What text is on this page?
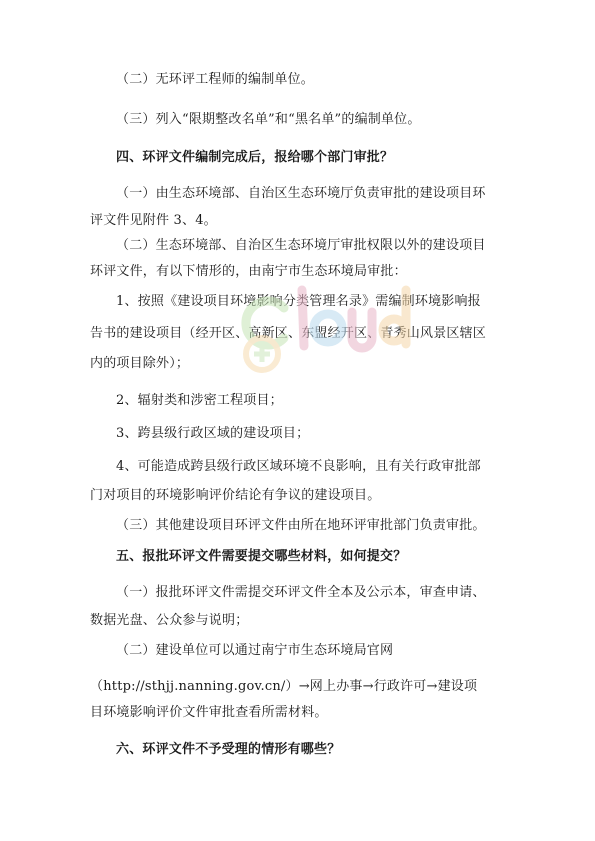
（二）无环评工程师的编制单位。
（三）列入“限期整改名单”和“黑名单”的编制单位。
四、环评文件编制完成后，报给哪个部门审批？
（一）由生态环境部、自治区生态环境厅负责审批的建设项目环
评文件见附件 3、4。
（二）生态环境部、自治区生态环境厅审批权限以外的建设项目
环评文件，有以下情形的，由南宁市生态环境局审批：
1、按照《建设项目环境影响分类管理名录》需编制环境影响报
告书的建设项目（经开区、高新区、东盟经开区、青秀山风景区辖区
内的项目除外）；
2、辐射类和涉密工程项目；
3、跨县级行政区域的建设项目；
4、可能造成跨县级行政区域环境不良影响，且有关行政审批部
门对项目的环境影响评价结论有争议的建设项目。
（三）其他建设项目环评文件由所在地环评审批部门负责审批。
五、报批环评文件需要提交哪些材料，如何提交？
（一）报批环评文件需提交环评文件全本及公示本，审查申请、
数据光盘、公众参与说明；
（二）建设单位可以通过南宁市生态环境局官网
（http://sthjj.nanning.gov.cn/）→网上办事→行政许可→建设项
目环境影响评价文件审批查看所需材料。
六、环评文件不予受理的情形有哪些？
